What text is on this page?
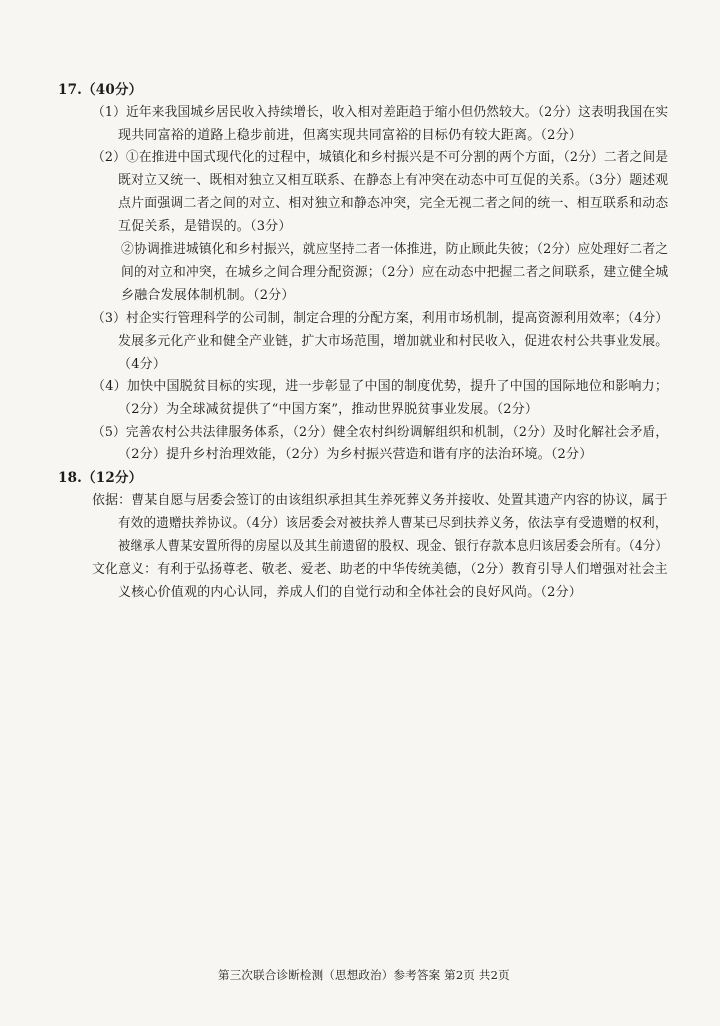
17.（40分）
（1）近年来我国城乡居民收入持续增长，收入相对差距趋于缩小但仍然较大。（2分）这表明我国在实
现共同富裕的道路上稳步前进，但离实现共同富裕的目标仍有较大距离。（2分）
（2）①在推进中国式现代化的过程中，城镇化和乡村振兴是不可分割的两个方面，（2分）二者之间是
既对立又统一、既相对独立又相互联系、在静态上有冲突在动态中可互促的关系。（3分）题述观
点片面强调二者之间的对立、相对独立和静态冲突，完全无视二者之间的统一、相互联系和动态
互促关系，是错误的。（3分）
②协调推进城镇化和乡村振兴，就应坚持二者一体推进，防止顾此失彼；（2分）应处理好二者之
间的对立和冲突，在城乡之间合理分配资源；（2分）应在动态中把握二者之间联系，建立健全城
乡融合发展体制机制。（2分）
（3）村企实行管理科学的公司制，制定合理的分配方案，利用市场机制，提高资源利用效率；（4分）
发展多元化产业和健全产业链，扩大市场范围，增加就业和村民收入，促进农村公共事业发展。
（4分）
（4）加快中国脱贫目标的实现，进一步彰显了中国的制度优势，提升了中国的国际地位和影响力；
（2分）为全球减贫提供了“中国方案”，推动世界脱贫事业发展。（2分）
（5）完善农村公共法律服务体系，（2分）健全农村纠纷调解组织和机制，（2分）及时化解社会矛盾，
（2分）提升乡村治理效能，（2分）为乡村振兴营造和谐有序的法治环境。（2分）
18.（12分）
依据：曹某自愿与居委会签订的由该组织承担其生养死葬义务并接收、处置其遗产内容的协议，属于
有效的遗赠扶养协议。（4分）该居委会对被扶养人曹某已尽到扶养义务，依法享有受遗赠的权利，
被继承人曹某安置所得的房屋以及其生前遗留的股权、现金、银行存款本息归该居委会所有。（4分）
文化意义：有利于弘扬尊老、敬老、爱老、助老的中华传统美德，（2分）教育引导人们增强对社会主
义核心价值观的内心认同，养成人们的自觉行动和全体社会的良好风尚。（2分）
第三次联合诊断检测（思想政治）参考答案 第2页 共2页
